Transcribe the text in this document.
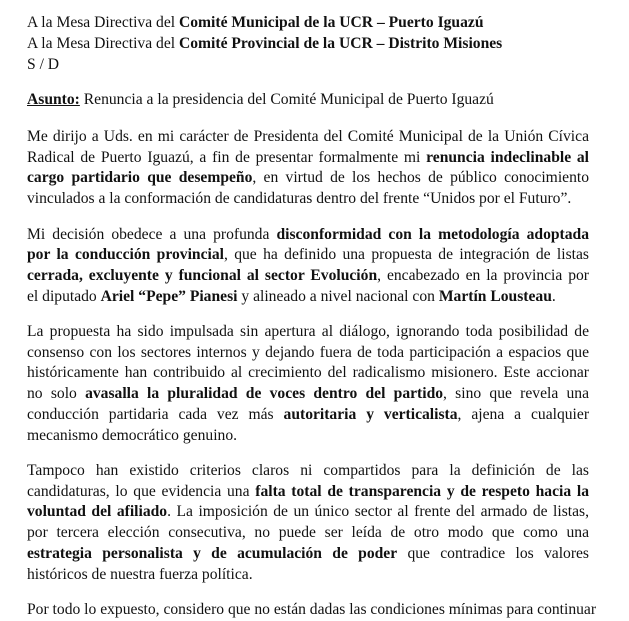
A la Mesa Directiva del Comité Municipal de la UCR – Puerto Iguazú
A la Mesa Directiva del Comité Provincial de la UCR – Distrito Misiones
S / D
Asunto: Renuncia a la presidencia del Comité Municipal de Puerto Iguazú
Me dirijo a Uds. en mi carácter de Presidenta del Comité Municipal de la Unión Cívica
Radical de Puerto Iguazú, a fin de presentar formalmente mi renuncia indeclinable al
cargo partidario que desempeño, en virtud de los hechos de público conocimiento
vinculados a la conformación de candidaturas dentro del frente “Unidos por el Futuro”.
Mi decisión obedece a una profunda disconformidad con la metodología adoptada
por la conducción provincial, que ha definido una propuesta de integración de listas
cerrada, excluyente y funcional al sector Evolución, encabezado en la provincia por
el diputado Ariel “Pepe” Pianesi y alineado a nivel nacional con Martín Lousteau.
La propuesta ha sido impulsada sin apertura al diálogo, ignorando toda posibilidad de
consenso con los sectores internos y dejando fuera de toda participación a espacios que
históricamente han contribuido al crecimiento del radicalismo misionero. Este accionar
no solo avasalla la pluralidad de voces dentro del partido, sino que revela una
conducción partidaria cada vez más autoritaria y verticalista, ajena a cualquier
mecanismo democrático genuino.
Tampoco han existido criterios claros ni compartidos para la definición de las
candidaturas, lo que evidencia una falta total de transparencia y de respeto hacia la
voluntad del afiliado. La imposición de un único sector al frente del armado de listas,
por tercera elección consecutiva, no puede ser leída de otro modo que como una
estrategia personalista y de acumulación de poder que contradice los valores
históricos de nuestra fuerza política.
Por todo lo expuesto, considero que no están dadas las condiciones mínimas para continuar
